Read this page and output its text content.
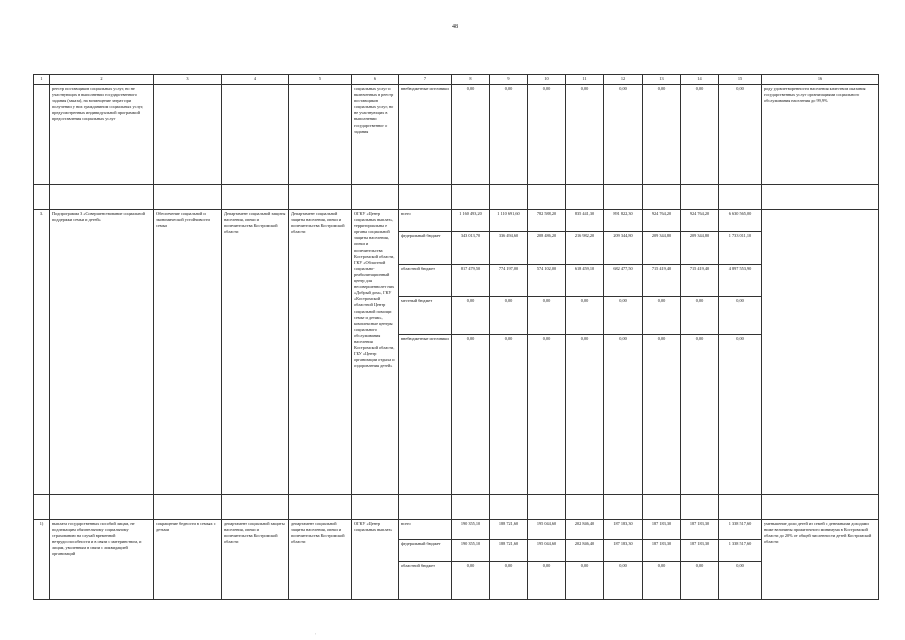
48
1	2	3	4	5	6	7	8	9	10	11	12	13	14	15	16
	реестр поставщиков социальных услуг, но не участвующих в выполнении государственного задания (заказа), на возмещение затрат при получении у них гражданином социальных услуг, предусмотренных индивидуальной программой предоставления социальных услуг				социальных услуг и включенных в реестр поставщиков социальных услуг, но не участвующих в выполнении государственног о задания	внебюджетные источники	0,00	0,00	0,00	0,00	0,00	0,00	0,00	0,00	роду удовлетворенности населения качеством оказания государственных услуг организациями социального обслуживания населения до 99,9%

3.	Подпрограмма 3 «Совершенствование социальной поддержки семьи и детей»	Обеспечение социальной и экономической устойчивости семьи	Департамент социальной защиты населения, опеки и попечительства Костромской области	Департамент социальной защиты населения, опеки и попечительства Костромской области	ОГКУ «Центр социальных выплат», территориальны е органы социальной защиты населения, опеки и попечительства Костромской области, ГКУ «Областной социально-реабилитационный центр для несовершеннолет них «Добрый дом», ГКУ «Костромской областной Центр социальной помощи семье и детям», комплексные центры социального обслуживания населения Костромской области, ГБУ «Центр организации отдыха и оздоровления детей»	всего	1 160 493,20	1 110 691,60	782 588,20	835 441,30	891 822,30	924 764,20	924 764,20	6 630 565,00	
						федеральный бюджет	343 013,70	336 494,60	208 486,20	216 982,20	209 344,80	209 344,80	209 344,80	1 733 011,10	
						областной бюджет	817 479,50	774 197,00	574 102,00	618 459,10	682 477,50	715 419,40	715 419,40	4 897 553,90	
						местный бюджет	0,00	0,00	0,00	0,00	0,00	0,00	0,00	0,00	
						внебюджетные источники	0,00	0,00	0,00	0,00	0,00	0,00	0,00	0,00	

1)	выплата государственных пособий лицам, не подлежащим обязательному социальному страхованию на случай временной нетрудоспособности и в связи с материнством, и лицам, уволенным в связи с ликвидацией организаций	сокращение бедности в семьях с детьми	департамент социальной защиты населения, опеки и попечительства Костромской области	департамент социальной защиты населения, опеки и попечительства Костромской области	ОГКУ «Центр социальных выплат»	всего	190 355,10	188 721,60	195 044,60	202 846,40	187 183,30	187 183,30	187 183,30	1 338 517,60	уменьшение доли детей из семей с денежными доходами ниже величины прожиточного минимума в Костромской области до 20% от общей численности детей Костромской области
						федеральный бюджет	190 355,10	188 721,60	195 044,60	202 846,40	187 183,30	187 183,30	187 183,30	1 338 517,60	
						областной бюджет	0,00	0,00	0,00	0,00	0,00	0,00	0,00	0,00	
,
